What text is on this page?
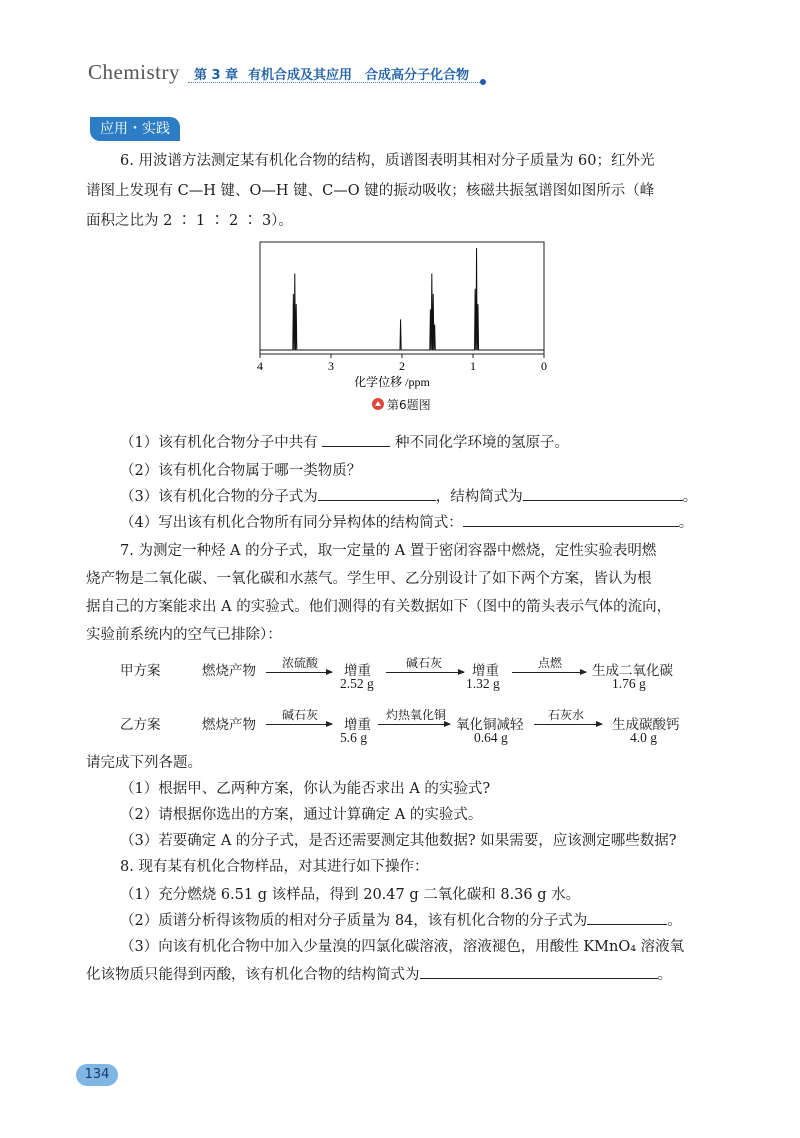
Chemistry 第 3 章 有机合成及其应用　合成高分子化合物
应用・实践
6. 用波谱方法测定某有机化合物的结构，质谱图表明其相对分子质量为 60；红外光
谱图上发现有 C—H 键、O—H 键、C—O 键的振动吸收；核磁共振氢谱图如图所示（峰
面积之比为 2 ∶ 1 ∶ 2 ∶ 3）。
4	3	2	1	0
化学位移 /ppm
第6题图
（1）该有机化合物分子中共有	种不同化学环境的氢原子。
（2）该有机化合物属于哪一类物质？
（3）该有机化合物的分子式为	，结构简式为	。
（4）写出该有机化合物所有同分异构体的结构简式：	。
7. 为测定一种烃 A 的分子式，取一定量的 A 置于密闭容器中燃烧，定性实验表明燃
烧产物是二氧化碳、一氧化碳和水蒸气。学生甲、乙分别设计了如下两个方案，皆认为根
据自己的方案能求出 A 的实验式。他们测得的有关数据如下（图中的箭头表示气体的流向，
实验前系统内的空气已排除）：
甲方案	燃烧产物 浓硫酸 增重
2.52 g
碱石灰 增重
1.32 g
点燃 生成二氧化碳
1.76 g
乙方案	燃烧产物
碱石灰
增重
5.6 g
灼热氧化铜
氧化铜减轻
0.64 g
石灰水
生成碳酸钙
4.0 g
请完成下列各题。
（1）根据甲、乙两种方案，你认为能否求出 A 的实验式?
（2）请根据你选出的方案，通过计算确定 A 的实验式。
（3）若要确定 A 的分子式，是否还需要测定其他数据? 如果需要，应该测定哪些数据?
8. 现有某有机化合物样品，对其进行如下操作：
（1）充分燃烧 6.51 g 该样品，得到 20.47 g 二氧化碳和 8.36 g 水。
（2）质谱分析得该物质的相对分子质量为 84，该有机化合物的分子式为	。
（3）向该有机化合物中加入少量溴的四氯化碳溶液，溶液褪色，用酸性 KMnO₄ 溶液氧
化该物质只能得到丙酸，该有机化合物的结构简式为	。
134
